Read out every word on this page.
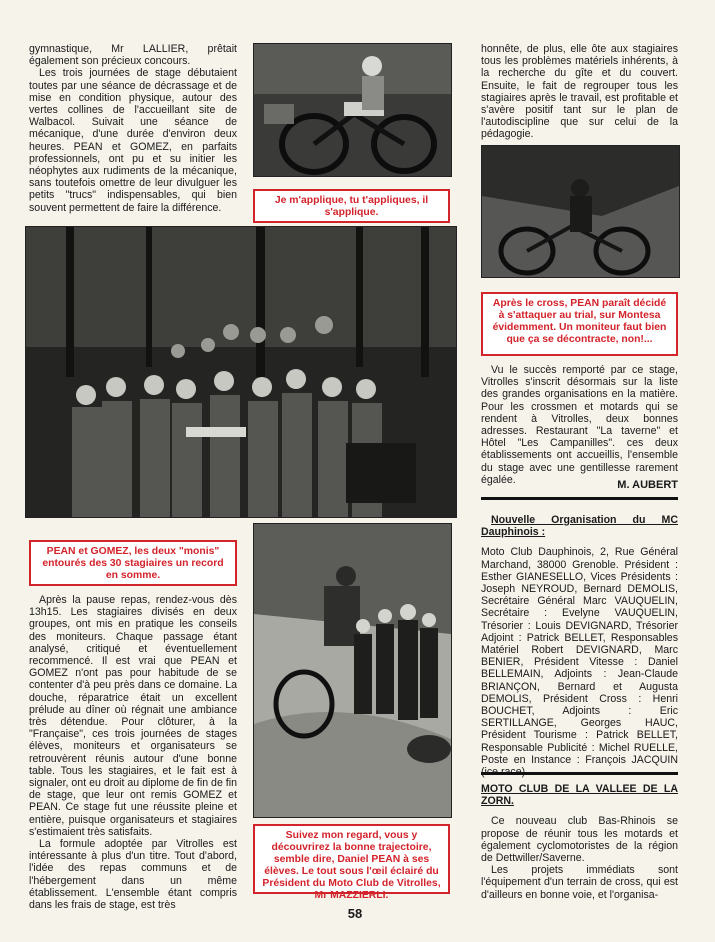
gymnastique, Mr LALLIER, prêtait également son précieux concours.

Les trois journées de stage débutaient toutes par une séance de décrassage et de mise en condition physique, autour des vertes collines de l'accueillant site de Walbacol. Suivait une séance de mécanique, d'une durée d'environ deux heures. PEAN et GOMEZ, en parfaits professionnels, ont pu et su initier les néophytes aux rudiments de la mécanique, sans toutefois omettre de leur divulguer les petits "trucs" indispensables, qui bien souvent permettent de faire la différence.

Je m'applique, tu t'appliques, il s'applique.

honnête, de plus, elle ôte aux stagiaires tous les problèmes matériels inhérents, à la recherche du gîte et du couvert. Ensuite, le fait de regrouper tous les stagiaires après le travail, est profitable et s'avère positif tant sur le plan de l'autodiscipline que sur celui de la pédagogie.

Après le cross, PEAN paraît décidé à s'attaquer au trial, sur Montesa évidemment. Un moniteur faut bien que ça se décontracte, non!...
PEAN et GOMEZ, les deux "monis" entourés des 30 stagiaires un record en somme.

Après la pause repas, rendez-vous dès 13h15. Les stagiaires divisés en deux groupes, ont mis en pratique les conseils des moniteurs. Chaque passage étant analysé, critiqué et éventuellement recommencé. Il est vrai que PEAN et GOMEZ n'ont pas pour habitude de se contenter d'à peu près dans ce domaine. La douche, réparatrice était un excellent prélude au dîner où régnait une ambiance très détendue. Pour clôturer, à la "Française", ces trois journées de stages élèves, moniteurs et organisateurs se retrouvèrent réunis autour d'une bonne table. Tous les stagiaires, et le fait est à signaler, ont eu droit au diplome de fin de fin de stage, que leur ont remis GOMEZ et PEAN. Ce stage fut une réussite pleine et entière, puisque organisateurs et stagiaires s'estimaient très satisfaits.

La formule adoptée par Vitrolles est intéressante à plus d'un titre. Tout d'abord, l'idée des repas communs et de l'hébergement dans un même établissement. L'ensemble étant compris dans les frais de stage, est très

Suivez mon regard, vous y découvrirez la bonne trajectoire, semble dire, Daniel PEAN à ses élèves. Le tout sous l'œil éclairé du Président du Moto Club de Vitrolles, Mr MAZZIERLI.

Vu le succès remporté par ce stage, Vitrolles s'inscrit désormais sur la liste des grandes organisations en la matière. Pour les crossmen et motards qui se rendent à Vitrolles, deux bonnes adresses. Restaurant "La taverne" et Hôtel "Les Campanilles". ces deux établissements ont accueillis, l'ensemble du stage avec une gentillesse rarement égalée.	M. AUBERT

Nouvelle Organisation du MC Dauphinois :

Moto Club Dauphinois, 2, Rue Général Marchand, 38000 Grenoble. Président : Esther GIANESELLO, Vices Présidents : Joseph NEYROUD, Bernard DEMOLIS, Secrétaire Général Marc VAUQUELIN, Secrétaire : Evelyne VAUQUELIN, Trésorier : Louis DEVIGNARD, Trésorier Adjoint : Patrick BELLET, Responsables Matériel Robert DEVIGNARD, Marc BENIER, Président Vitesse : Daniel BELLEMAIN, Adjoints : Jean-Claude BRIANÇON, Bernard et Augusta DEMOLIS, Président Cross : Henri BOUCHET, Adjoints : Eric SERTILLANGE, Georges HAUC, Président Tourisme : Patrick BELLET, Responsable Publicité : Michel RUELLE, Poste en Instance : François JACQUIN

MOTO CLUB DE LA VALLEE DE LA ZORN.

Ce nouveau club Bas-Rhinois se propose de réunir tous les motards et également cyclomotoristes de la région de Dettwiller/Saverne.

Les projets immédiats sont l'équipement d'un terrain de cross, qui est d'ailleurs en bonne voie, et l'organisa-

58
